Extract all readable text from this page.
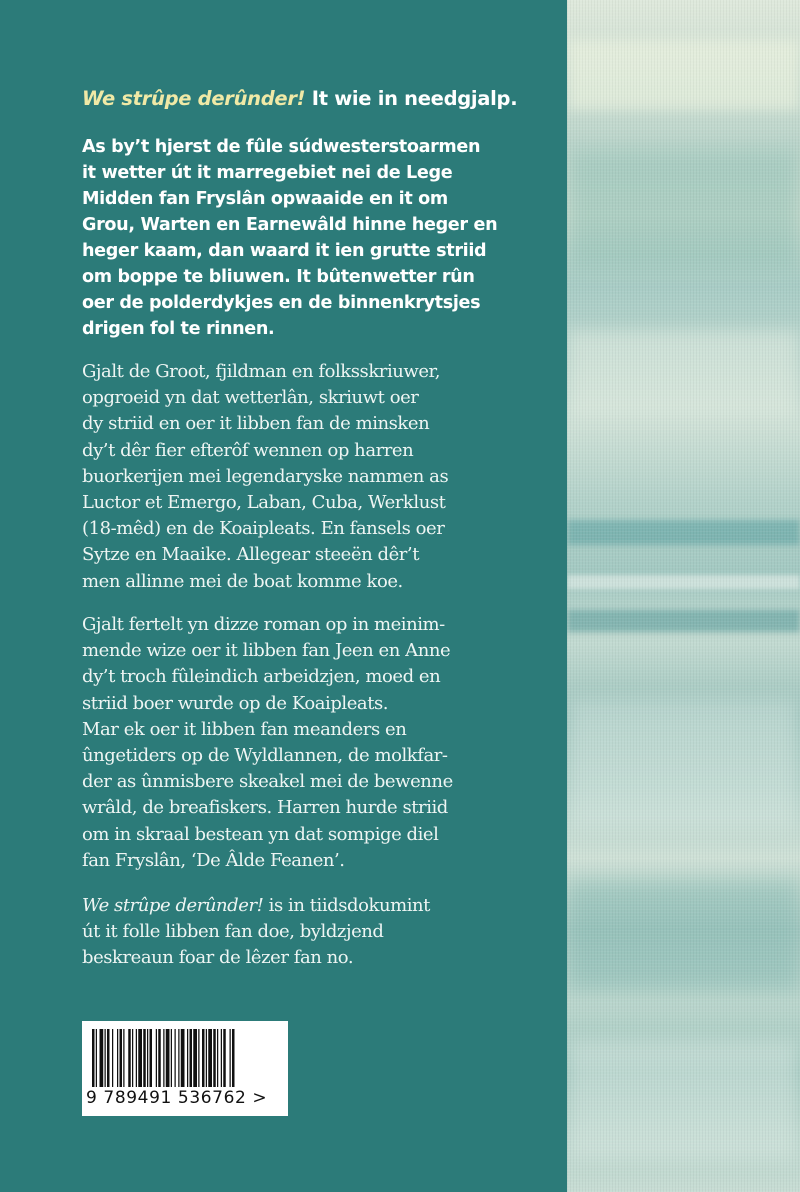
We strûpe derûnder! It wie in needgjalp.

As by’t hjerst de fûle súdwesterstoarmen
it wetter út it marregebiet nei de Lege
Midden fan Fryslân opwaaide en it om
Grou, Warten en Earnewâld hinne heger en
heger kaam, dan waard it ien grutte striid
om boppe te bliuwen. It bûtenwetter rûn
oer de polderdykjes en de binnenkrytsjes
drigen fol te rinnen.

Gjalt de Groot, fjildman en folksskriuwer,
opgroeid yn dat wetterlân, skriuwt oer
dy striid en oer it libben fan de minsken
dy’t dêr fier efterôf wennen op harren
buorkerijen mei legendaryske nammen as
Luctor et Emergo, Laban, Cuba, Werklust
(18-mêd) en de Koaipleats. En fansels oer
Sytze en Maaike. Allegear steeën dêr’t
men allinne mei de boat komme koe.

Gjalt fertelt yn dizze roman op in meinim-
mende wize oer it libben fan Jeen en Anne
dy’t troch fûleindich arbeidzjen, moed en
striid boer wurde op de Koaipleats.
Mar ek oer it libben fan meanders en
ûngetiders op de Wyldlannen, de molkfar-
der as ûnmisbere skeakel mei de bewenne
wrâld, de breafiskers. Harren hurde striid
om in skraal bestean yn dat sompige diel
fan Fryslân, ‘De Âlde Feanen’.

We strûpe derûnder! is in tiidsdokumint
út it folle libben fan doe, byldzjend
beskreaun foar de lêzer fan no.

9 789491 536762 >
